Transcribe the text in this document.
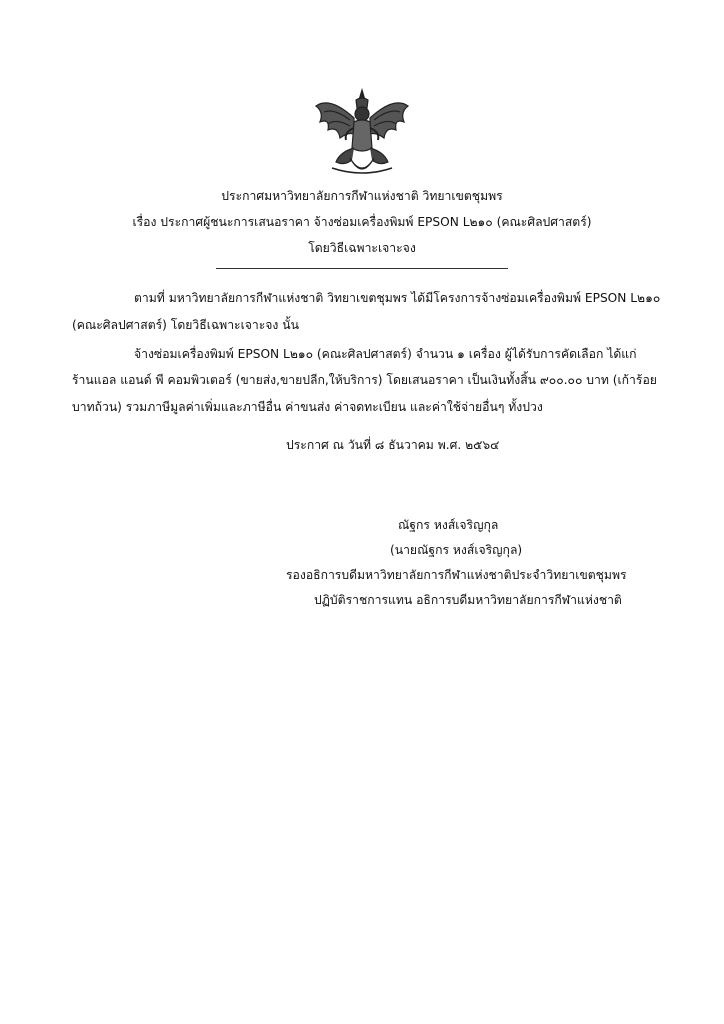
ประกาศมหาวิทยาลัยการกีฬาแห่งชาติ วิทยาเขตชุมพร
เรื่อง ประกาศผู้ชนะการเสนอราคา จ้างซ่อมเครื่องพิมพ์ EPSON L๒๑๐ (คณะศิลปศาสตร์)
โดยวิธีเฉพาะเจาะจง
ตามที่ มหาวิทยาลัยการกีฬาแห่งชาติ วิทยาเขตชุมพร ได้มีโครงการจ้างซ่อมเครื่องพิมพ์ EPSON L๒๑๐
(คณะศิลปศาสตร์) โดยวิธีเฉพาะเจาะจง นั้น
จ้างซ่อมเครื่องพิมพ์ EPSON L๒๑๐ (คณะศิลปศาสตร์) จำนวน ๑ เครื่อง ผู้ได้รับการคัดเลือก ได้แก่
ร้านแอล แอนด์ พี คอมพิวเตอร์ (ขายส่ง,ขายปลีก,ให้บริการ) โดยเสนอราคา เป็นเงินทั้งสิ้น ๙๐๐.๐๐ บาท (เก้าร้อย
บาทถ้วน) รวมภาษีมูลค่าเพิ่มและภาษีอื่น ค่าขนส่ง ค่าจดทะเบียน และค่าใช้จ่ายอื่นๆ ทั้งปวง
ประกาศ ณ วันที่ ๘ ธันวาคม พ.ศ. ๒๕๖๔
ณัฐกร หงส์เจริญกุล
(นายณัฐกร หงส์เจริญกุล)
รองอธิการบดีมหาวิทยาลัยการกีฬาแห่งชาติประจำวิทยาเขตชุมพร
ปฏิบัติราชการแทน อธิการบดีมหาวิทยาลัยการกีฬาแห่งชาติ
